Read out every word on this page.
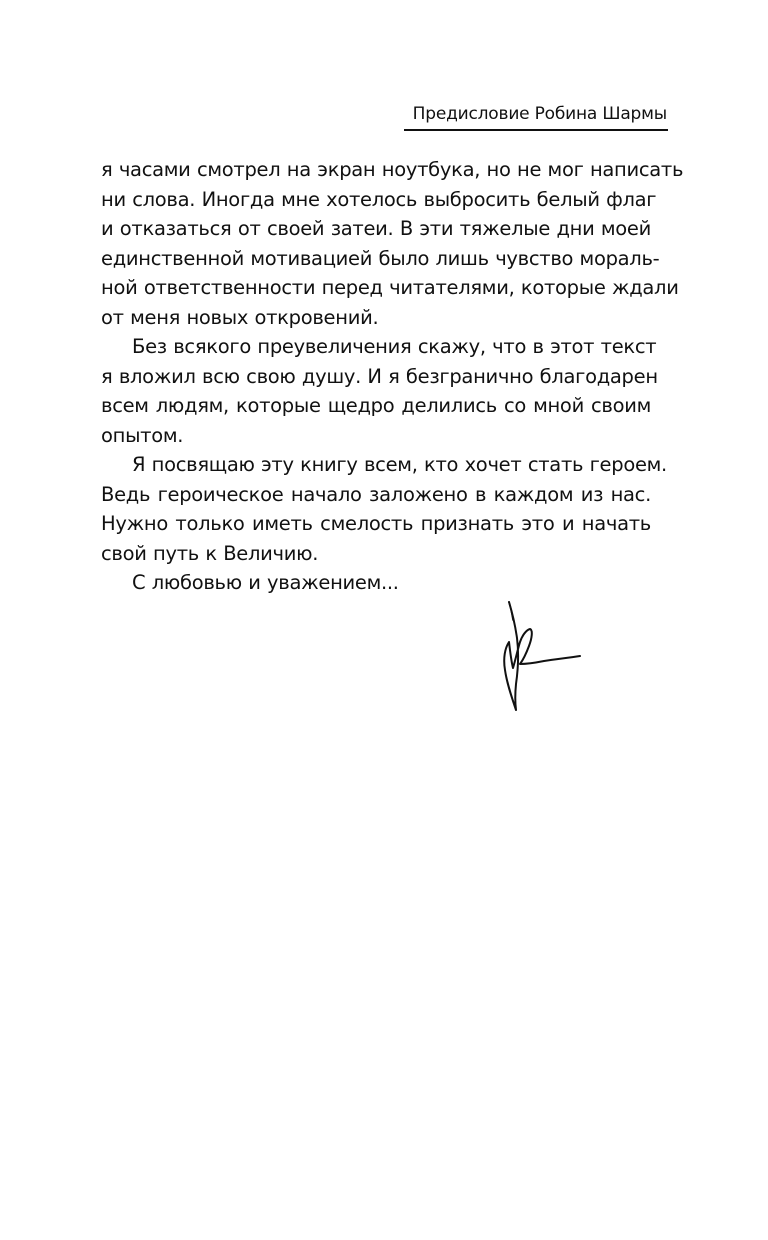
Предисловие Робина Шармы

я часами смотрел на экран ноутбука, но не мог написать
ни слова. Иногда мне хотелось выбросить белый флаг
и отказаться от своей затеи. В эти тяжелые дни моей
единственной мотивацией было лишь чувство мораль-
ной ответственности перед читателями, которые ждали
от меня новых откровений.

Без всякого преувеличения скажу, что в этот текст
я вложил всю свою душу. И я безгранично благодарен
всем людям, которые щедро делились со мной своим
опытом.

Я посвящаю эту книгу всем, кто хочет стать героем.
Ведь героическое начало заложено в каждом из нас.
Нужно только иметь смелость признать это и начать
свой путь к Величию.

С любовью и уважением...
